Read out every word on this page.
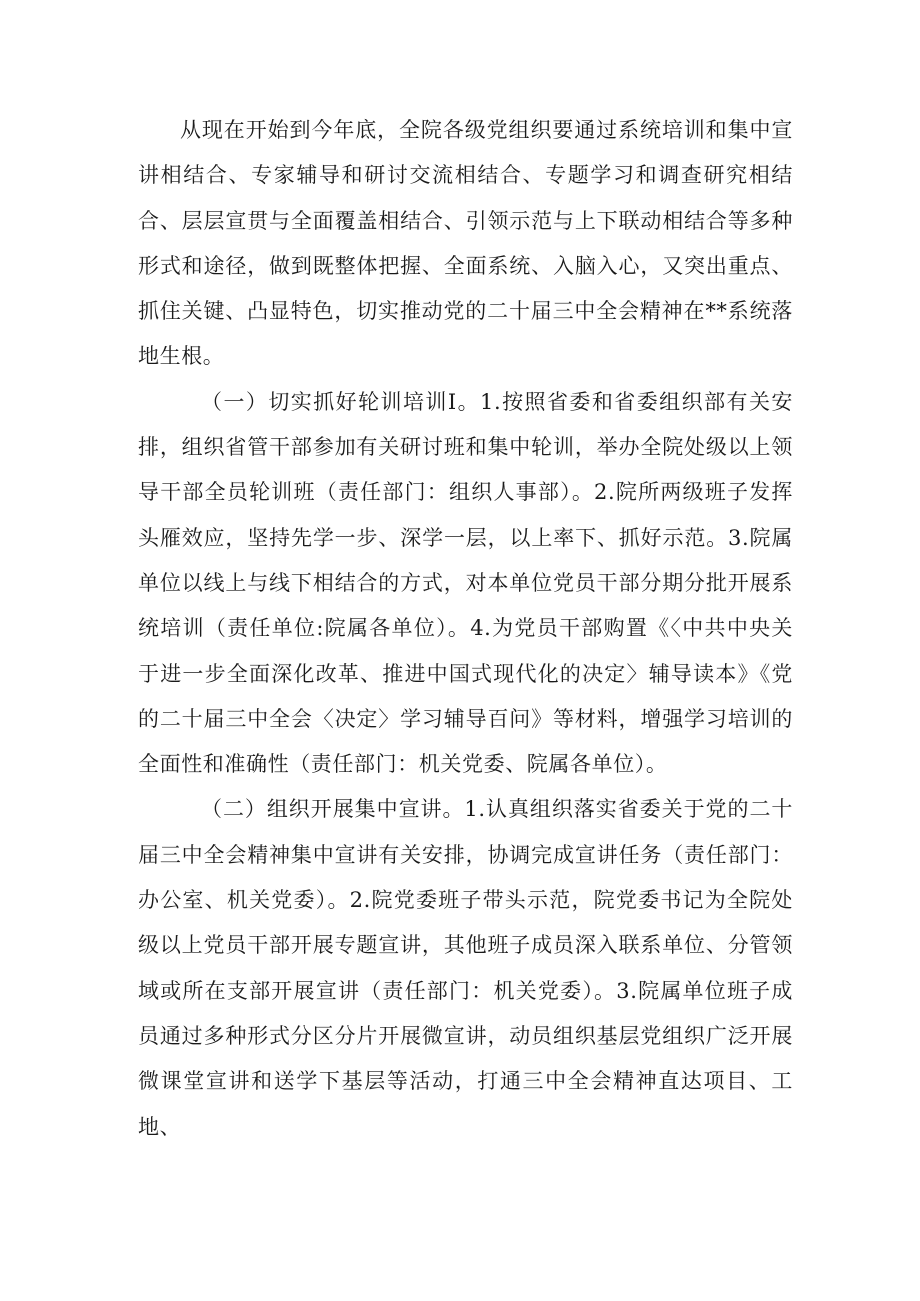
从现在开始到今年底，全院各级党组织要通过系统培训和集中宣讲相结合、专家辅导和研讨交流相结合、专题学习和调查研究相结合、层层宣贯与全面覆盖相结合、引领示范与上下联动相结合等多种形式和途径，做到既整体把握、全面系统、入脑入心，又突出重点、抓住关键、凸显特色，切实推动党的二十届三中全会精神在**系统落地生根。

（一）切实抓好轮训培训Ⅰ。1.按照省委和省委组织部有关安排，组织省管干部参加有关研讨班和集中轮训，举办全院处级以上领导干部全员轮训班（责任部门：组织人事部）。2.院所两级班子发挥头雁效应，坚持先学一步、深学一层，以上率下、抓好示范。3.院属单位以线上与线下相结合的方式，对本单位党员干部分期分批开展系统培训（责任单位:院属各单位）。4.为党员干部购置《〈中共中央关于进一步全面深化改革、推进中国式现代化的决定〉辅导读本》《党的二十届三中全会〈决定〉学习辅导百问》等材料，增强学习培训的全面性和准确性（责任部门：机关党委、院属各单位）。

（二）组织开展集中宣讲。1.认真组织落实省委关于党的二十届三中全会精神集中宣讲有关安排，协调完成宣讲任务（责任部门：办公室、机关党委）。2.院党委班子带头示范，院党委书记为全院处级以上党员干部开展专题宣讲，其他班子成员深入联系单位、分管领域或所在支部开展宣讲（责任部门：机关党委）。3.院属单位班子成员通过多种形式分区分片开展微宣讲，动员组织基层党组织广泛开展微课堂宣讲和送学下基层等活动，打通三中全会精神直达项目、工地、
